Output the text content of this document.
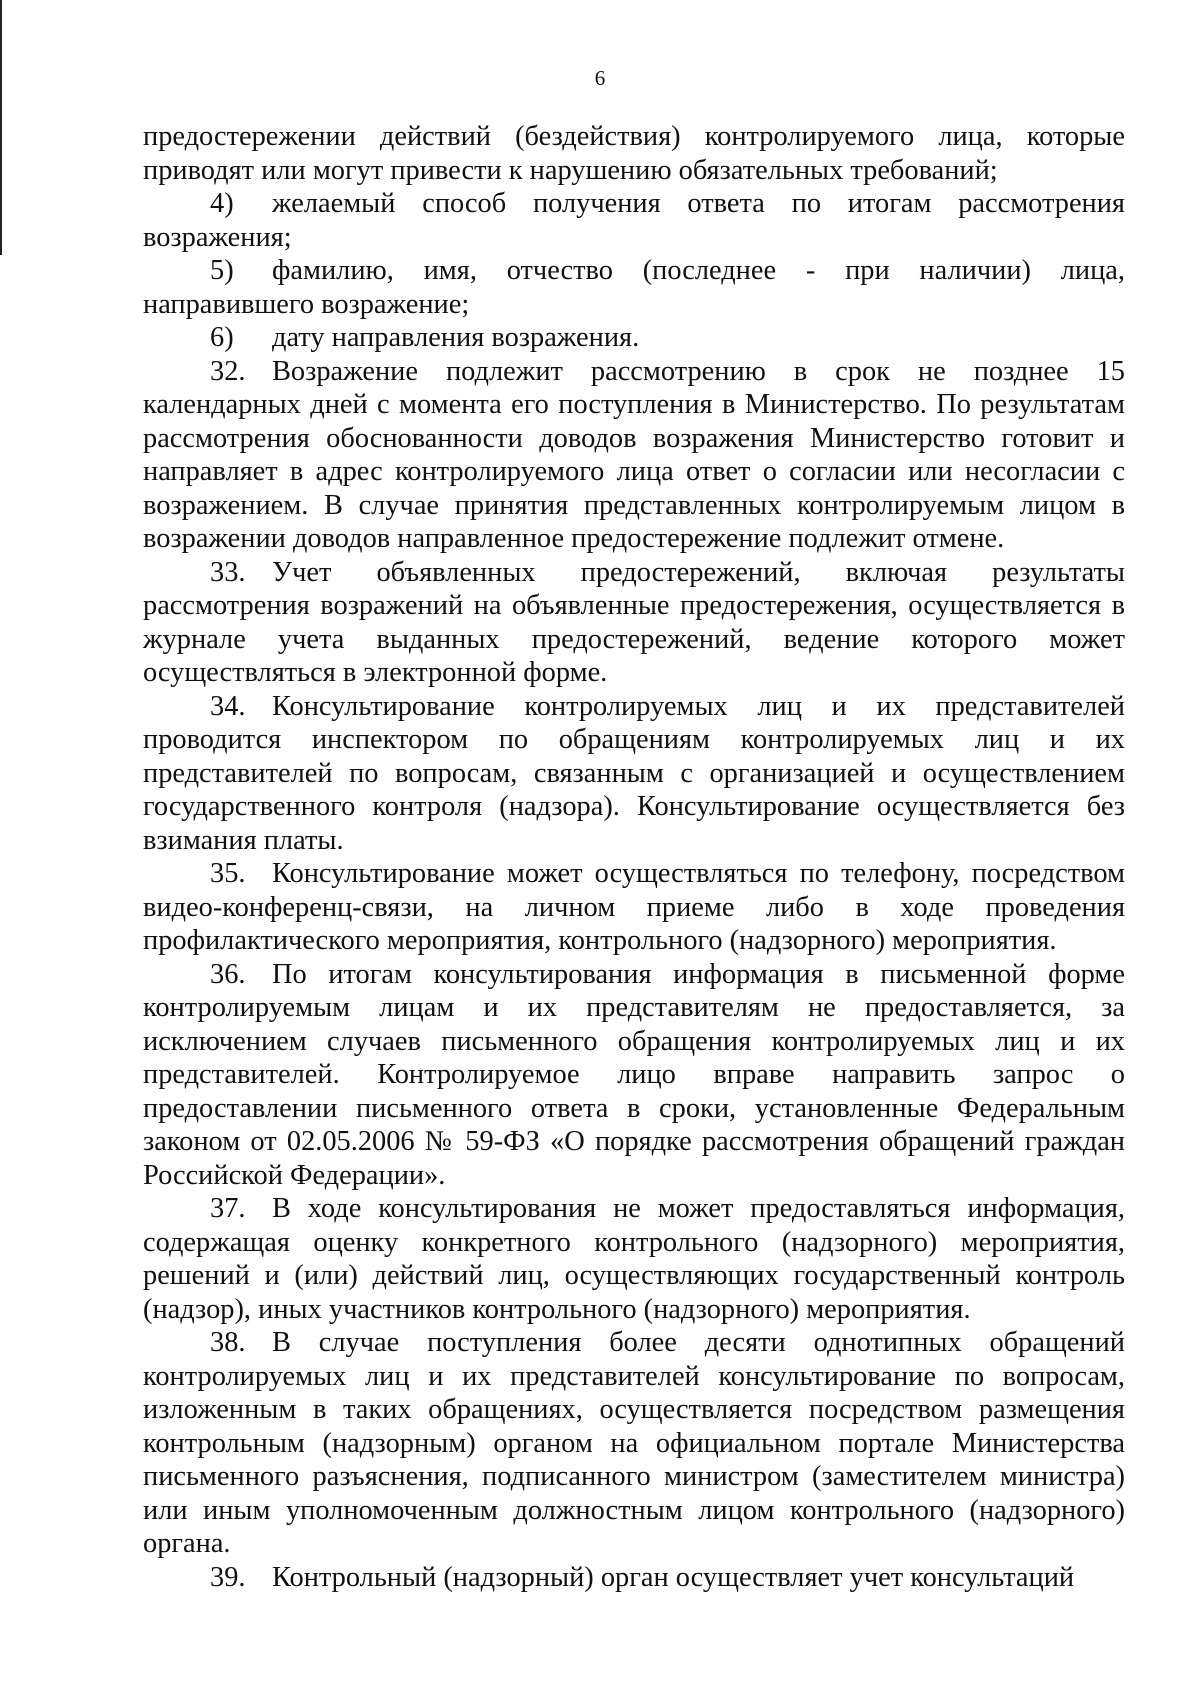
6

предостережении действий (бездействия) контролируемого лица, которые приводят или могут привести к нарушению обязательных требований;

4) желаемый способ получения ответа по итогам рассмотрения возражения;

5) фамилию, имя, отчество (последнее - при наличии) лица, направившего возражение;

6) дату направления возражения.

32. Возражение подлежит рассмотрению в срок не позднее 15 календарных дней с момента его поступления в Министерство. По результатам рассмотрения обоснованности доводов возражения Министерство готовит и направляет в адрес контролируемого лица ответ о согласии или несогласии с возражением. В случае принятия представленных контролируемым лицом в возражении доводов направленное предостережение подлежит отмене.

33. Учет объявленных предостережений, включая результаты рассмотрения возражений на объявленные предостережения, осуществляется в журнале учета выданных предостережений, ведение которого может осуществляться в электронной форме.

34. Консультирование контролируемых лиц и их представителей проводится инспектором по обращениям контролируемых лиц и их представителей по вопросам, связанным с организацией и осуществлением государственного контроля (надзора). Консультирование осуществляется без взимания платы.

35. Консультирование может осуществляться по телефону, посредством видео-конференц-связи, на личном приеме либо в ходе проведения профилактического мероприятия, контрольного (надзорного) мероприятия.

36. По итогам консультирования информация в письменной форме контролируемым лицам и их представителям не предоставляется, за исключением случаев письменного обращения контролируемых лиц и их представителей. Контролируемое лицо вправе направить запрос о предоставлении письменного ответа в сроки, установленные Федеральным законом от 02.05.2006 № 59-ФЗ «О порядке рассмотрения обращений граждан Российской Федерации».

37. В ходе консультирования не может предоставляться информация, содержащая оценку конкретного контрольного (надзорного) мероприятия, решений и (или) действий лиц, осуществляющих государственный контроль (надзор), иных участников контрольного (надзорного) мероприятия.

38. В случае поступления более десяти однотипных обращений контролируемых лиц и их представителей консультирование по вопросам, изложенным в таких обращениях, осуществляется посредством размещения контрольным (надзорным) органом на официальном портале Министерства письменного разъяснения, подписанного министром (заместителем министра) или иным уполномоченным должностным лицом контрольного (надзорного) органа.

39. Контрольный (надзорный) орган осуществляет учет консультаций
